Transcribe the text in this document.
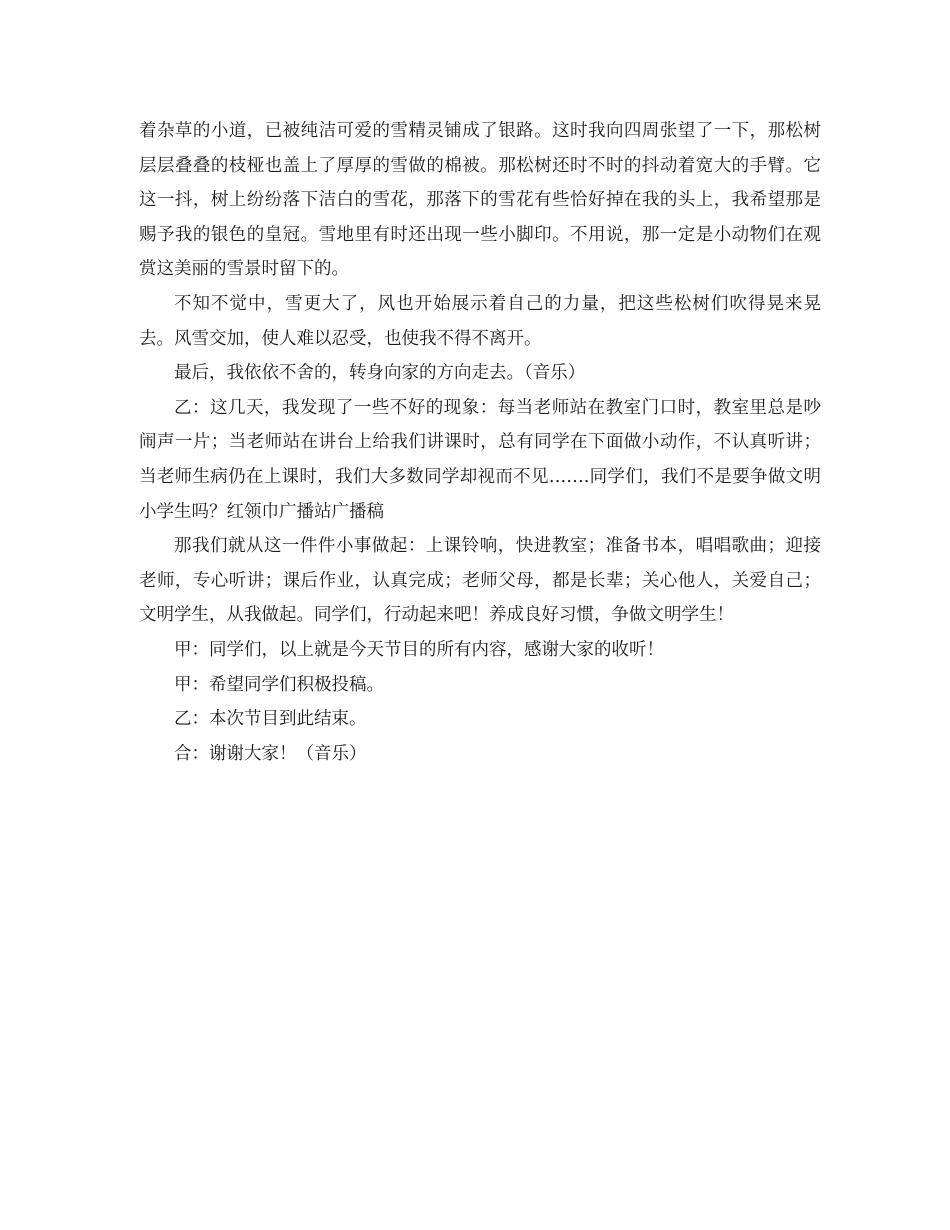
着杂草的小道，已被纯洁可爱的雪精灵铺成了银路。这时我向四周张望了一下，那松树层层叠叠的枝桠也盖上了厚厚的雪做的棉被。那松树还时不时的抖动着宽大的手臂。它这一抖，树上纷纷落下洁白的雪花，那落下的雪花有些恰好掉在我的头上，我希望那是赐予我的银色的皇冠。雪地里有时还出现一些小脚印。不用说，那一定是小动物们在观赏这美丽的雪景时留下的。

不知不觉中，雪更大了，风也开始展示着自己的力量，把这些松树们吹得晃来晃去。风雪交加，使人难以忍受，也使我不得不离开。

最后，我依依不舍的，转身向家的方向走去。（音乐）

乙：这几天，我发现了一些不好的现象：每当老师站在教室门口时，教室里总是吵闹声一片；当老师站在讲台上给我们讲课时，总有同学在下面做小动作，不认真听讲；当老师生病仍在上课时，我们大多数同学却视而不见…….同学们，我们不是要争做文明小学生吗？红领巾广播站广播稿

那我们就从这一件件小事做起：上课铃响，快进教室；准备书本，唱唱歌曲；迎接老师，专心听讲；课后作业，认真完成；老师父母，都是长辈；关心他人，关爱自己；文明学生，从我做起。同学们，行动起来吧！养成良好习惯，争做文明学生！

甲：同学们，以上就是今天节目的所有内容，感谢大家的收听！

甲：希望同学们积极投稿。

乙：本次节目到此结束。

合：谢谢大家！（音乐）
